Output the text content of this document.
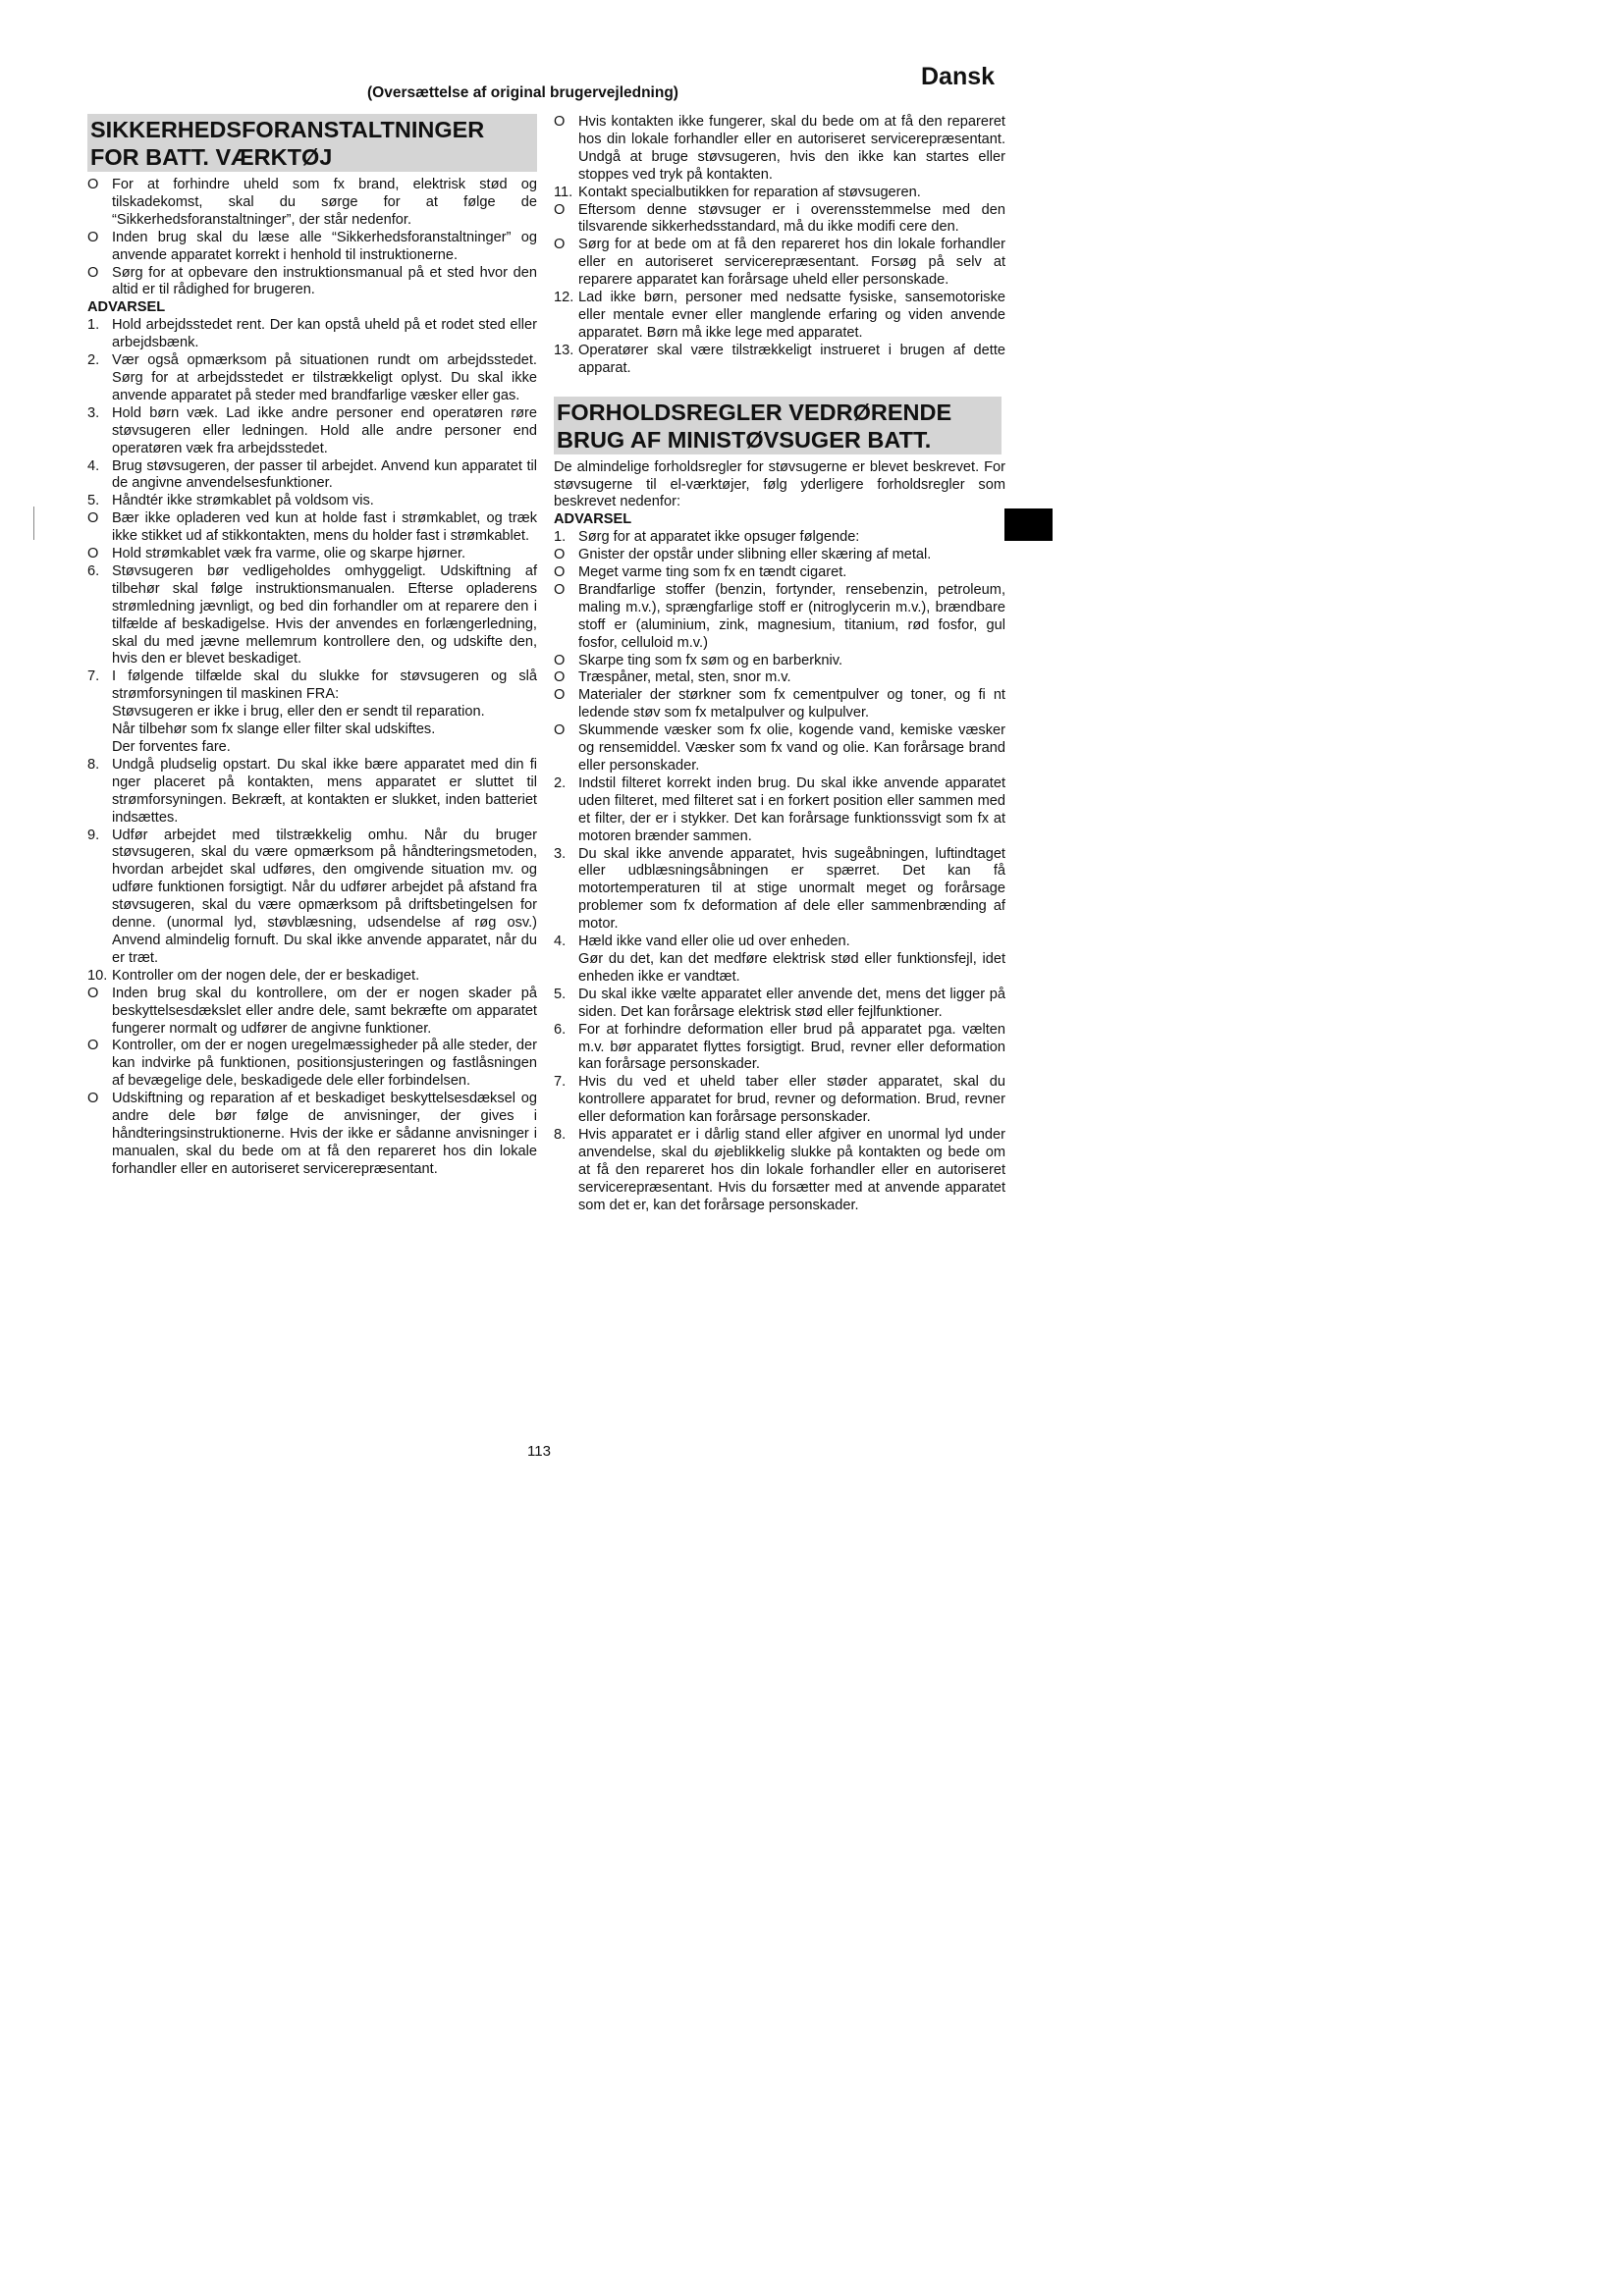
Dansk
(Oversættelse af original brugervejledning)
SIKKERHEDSFORANSTALTNINGER
FOR BATT. VÆRKTØJ
O For at forhindre uheld som fx brand, elektrisk stød og tilskadekomst, skal du sørge for at følge de “Sikkerhedsforanstaltninger”, der står nedenfor.
O Inden brug skal du læse alle “Sikkerhedsforanstaltninger” og anvende apparatet korrekt i henhold til instruktionerne.
O Sørg for at opbevare den instruktionsmanual på et sted hvor den altid er til rådighed for brugeren.
ADVARSEL
1. Hold arbejdsstedet rent. Der kan opstå uheld på et rodet sted eller arbejdsbænk.
2. Vær også opmærksom på situationen rundt om arbejdsstedet. Sørg for at arbejdsstedet er tilstrækkeligt oplyst. Du skal ikke anvende apparatet på steder med brandfarlige væsker eller gas.
3. Hold børn væk. Lad ikke andre personer end operatøren røre støvsugeren eller ledningen. Hold alle andre personer end operatøren væk fra arbejdsstedet.
4. Brug støvsugeren, der passer til arbejdet. Anvend kun apparatet til de angivne anvendelsesfunktioner.
5. Håndtér ikke strømkablet på voldsom vis.
O Bær ikke opladeren ved kun at holde fast i strømkablet, og træk ikke stikket ud af stikkontakten, mens du holder fast i strømkablet.
O Hold strømkablet væk fra varme, olie og skarpe hjørner.
6. Støvsugeren bør vedligeholdes omhyggeligt. Udskiftning af tilbehør skal følge instruktionsmanualen. Efterse opladerens strømledning jævnligt, og bed din forhandler om at reparere den i tilfælde af beskadigelse. Hvis der anvendes en forlængerledning, skal du med jævne mellemrum kontrollere den, og udskifte den, hvis den er blevet beskadiget.
7. I følgende tilfælde skal du slukke for støvsugeren og slå strømforsyningen til maskinen FRA:
Støvsugeren er ikke i brug, eller den er sendt til reparation.
Når tilbehør som fx slange eller filter skal udskiftes.
Der forventes fare.
8. Undgå pludselig opstart. Du skal ikke bære apparatet med din fi nger placeret på kontakten, mens apparatet er sluttet til strømforsyningen. Bekræft, at kontakten er slukket, inden batteriet indsættes.
9. Udfør arbejdet med tilstrækkelig omhu. Når du bruger støvsugeren, skal du være opmærksom på håndteringsmetoden, hvordan arbejdet skal udføres, den omgivende situation mv. og udføre funktionen forsigtigt. Når du udfører arbejdet på afstand fra støvsugeren, skal du være opmærksom på driftsbetingelsen for denne. (unormal lyd, støvblæsning, udsendelse af røg osv.) Anvend almindelig fornuft. Du skal ikke anvende apparatet, når du er træt.
10. Kontroller om der nogen dele, der er beskadiget.
O Inden brug skal du kontrollere, om der er nogen skader på beskyttelsesdækslet eller andre dele, samt bekræfte om apparatet fungerer normalt og udfører de angivne funktioner.
O Kontroller, om der er nogen uregelmæssigheder på alle steder, der kan indvirke på funktionen, positionsjusteringen og fastlåsningen af bevægelige dele, beskadigede dele eller forbindelsen.
O Udskiftning og reparation af et beskadiget beskyttelsesdæksel og andre dele bør følge de anvisninger, der gives i håndteringsinstruktionerne. Hvis der ikke er sådanne anvisninger i manualen, skal du bede om at få den repareret hos din lokale forhandler eller en autoriseret servicerepræsentant.
O Hvis kontakten ikke fungerer, skal du bede om at få den repareret hos din lokale forhandler eller en autoriseret servicerepræsentant. Undgå at bruge støvsugeren, hvis den ikke kan startes eller stoppes ved tryk på kontakten.
11. Kontakt specialbutikken for reparation af støvsugeren.
O Eftersom denne støvsuger er i overensstemmelse med den tilsvarende sikkerhedsstandard, må du ikke modifi cere den.
O Sørg for at bede om at få den repareret hos din lokale forhandler eller en autoriseret servicerepræsentant. Forsøg på selv at reparere apparatet kan forårsage uheld eller personskade.
12. Lad ikke børn, personer med nedsatte fysiske, sansemotoriske eller mentale evner eller manglende erfaring og viden anvende apparatet. Børn må ikke lege med apparatet.
13. Operatører skal være tilstrækkeligt instrueret i brugen af dette apparat.
FORHOLDSREGLER VEDRØRENDE
BRUG AF MINISTØVSUGER BATT.
De almindelige forholdsregler for støvsugerne er blevet beskrevet. For støvsugerne til el-værktøjer, følg yderligere forholdsregler som beskrevet nedenfor:
ADVARSEL
1. Sørg for at apparatet ikke opsuger følgende:
O Gnister der opstår under slibning eller skæring af metal.
O Meget varme ting som fx en tændt cigaret.
O Brandfarlige stoffer (benzin, fortynder, rensebenzin, petroleum, maling m.v.), sprængfarlige stoff er (nitroglycerin m.v.), brændbare stoff er (aluminium, zink, magnesium, titanium, rød fosfor, gul fosfor, celluloid m.v.)
O Skarpe ting som fx søm og en barberkniv.
O Træspåner, metal, sten, snor m.v.
O Materialer der størkner som fx cementpulver og toner, og fi nt ledende støv som fx metalpulver og kulpulver.
O Skummende væsker som fx olie, kogende vand, kemiske væsker og rensemiddel. Væsker som fx vand og olie. Kan forårsage brand eller personskader.
2. Indstil filteret korrekt inden brug. Du skal ikke anvende apparatet uden filteret, med filteret sat i en forkert position eller sammen med et filter, der er i stykker. Det kan forårsage funktionssvigt som fx at motoren brænder sammen.
3. Du skal ikke anvende apparatet, hvis sugeåbningen, luftindtaget eller udblæsningsåbningen er spærret. Det kan få motortemperaturen til at stige unormalt meget og forårsage problemer som fx deformation af dele eller sammenbrænding af motor.
4. Hæld ikke vand eller olie ud over enheden.
Gør du det, kan det medføre elektrisk stød eller funktionsfejl, idet enheden ikke er vandtæt.
5. Du skal ikke vælte apparatet eller anvende det, mens det ligger på siden. Det kan forårsage elektrisk stød eller fejlfunktioner.
6. For at forhindre deformation eller brud på apparatet pga. vælten m.v. bør apparatet flyttes forsigtigt. Brud, revner eller deformation kan forårsage personskader.
7. Hvis du ved et uheld taber eller støder apparatet, skal du kontrollere apparatet for brud, revner og deformation. Brud, revner eller deformation kan forårsage personskader.
8. Hvis apparatet er i dårlig stand eller afgiver en unormal lyd under anvendelse, skal du øjeblikkelig slukke på kontakten og bede om at få den repareret hos din lokale forhandler eller en autoriseret servicerepræsentant. Hvis du forsætter med at anvende apparatet som det er, kan det forårsage personskader.
113
